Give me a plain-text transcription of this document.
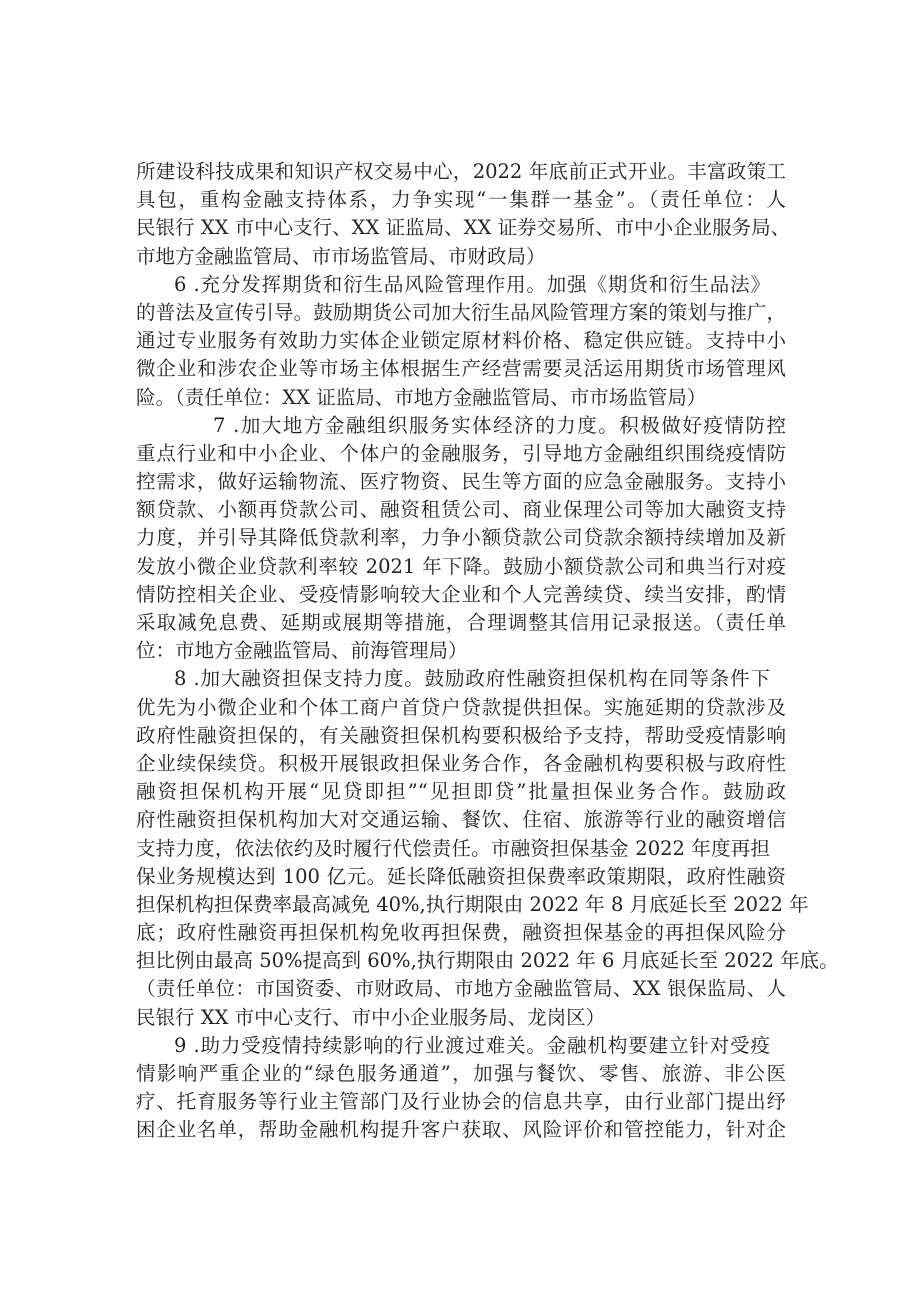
所建设科技成果和知识产权交易中心，2022 年底前正式开业。丰富政策工
具包，重构金融支持体系，力争实现“一集群一基金”。（责任单位：人
民银行 XX 市中心支行、XX 证监局、XX 证券交易所、市中小企业服务局、
市地方金融监管局、市市场监管局、市财政局）
6 .充分发挥期货和衍生品风险管理作用。加强《期货和衍生品法》
的普法及宣传引导。鼓励期货公司加大衍生品风险管理方案的策划与推广，
通过专业服务有效助力实体企业锁定原材料价格、稳定供应链。支持中小
微企业和涉农企业等市场主体根据生产经营需要灵活运用期货市场管理风
险。（责任单位：XX 证监局、市地方金融监管局、市市场监管局）
7 .加大地方金融组织服务实体经济的力度。积极做好疫情防控
重点行业和中小企业、个体户的金融服务，引导地方金融组织围绕疫情防
控需求，做好运输物流、医疗物资、民生等方面的应急金融服务。支持小
额贷款、小额再贷款公司、融资租赁公司、商业保理公司等加大融资支持
力度，并引导其降低贷款利率，力争小额贷款公司贷款余额持续增加及新
发放小微企业贷款利率较 2021 年下降。鼓励小额贷款公司和典当行对疫
情防控相关企业、受疫情影响较大企业和个人完善续贷、续当安排，酌情
采取减免息费、延期或展期等措施，合理调整其信用记录报送。（责任单
位：市地方金融监管局、前海管理局）
8 .加大融资担保支持力度。鼓励政府性融资担保机构在同等条件下
优先为小微企业和个体工商户首贷户贷款提供担保。实施延期的贷款涉及
政府性融资担保的，有关融资担保机构要积极给予支持，帮助受疫情影响
企业续保续贷。积极开展银政担保业务合作，各金融机构要积极与政府性
融资担保机构开展“见贷即担”“见担即贷”批量担保业务合作。鼓励政
府性融资担保机构加大对交通运输、餐饮、住宿、旅游等行业的融资增信
支持力度，依法依约及时履行代偿责任。市融资担保基金 2022 年度再担
保业务规模达到 100 亿元。延长降低融资担保费率政策期限，政府性融资
担保机构担保费率最高减免 40%,执行期限由 2022 年 8 月底延长至 2022 年
底；政府性融资再担保机构免收再担保费，融资担保基金的再担保风险分
担比例由最高 50%提高到 60%,执行期限由 2022 年 6 月底延长至 2022 年底。
（责任单位：市国资委、市财政局、市地方金融监管局、XX 银保监局、人
民银行 XX 市中心支行、市中小企业服务局、龙岗区）
9 .助力受疫情持续影响的行业渡过难关。金融机构要建立针对受疫
情影响严重企业的“绿色服务通道”，加强与餐饮、零售、旅游、非公医
疗、托育服务等行业主管部门及行业协会的信息共享，由行业部门提出纾
困企业名单，帮助金融机构提升客户获取、风险评价和管控能力，针对企
